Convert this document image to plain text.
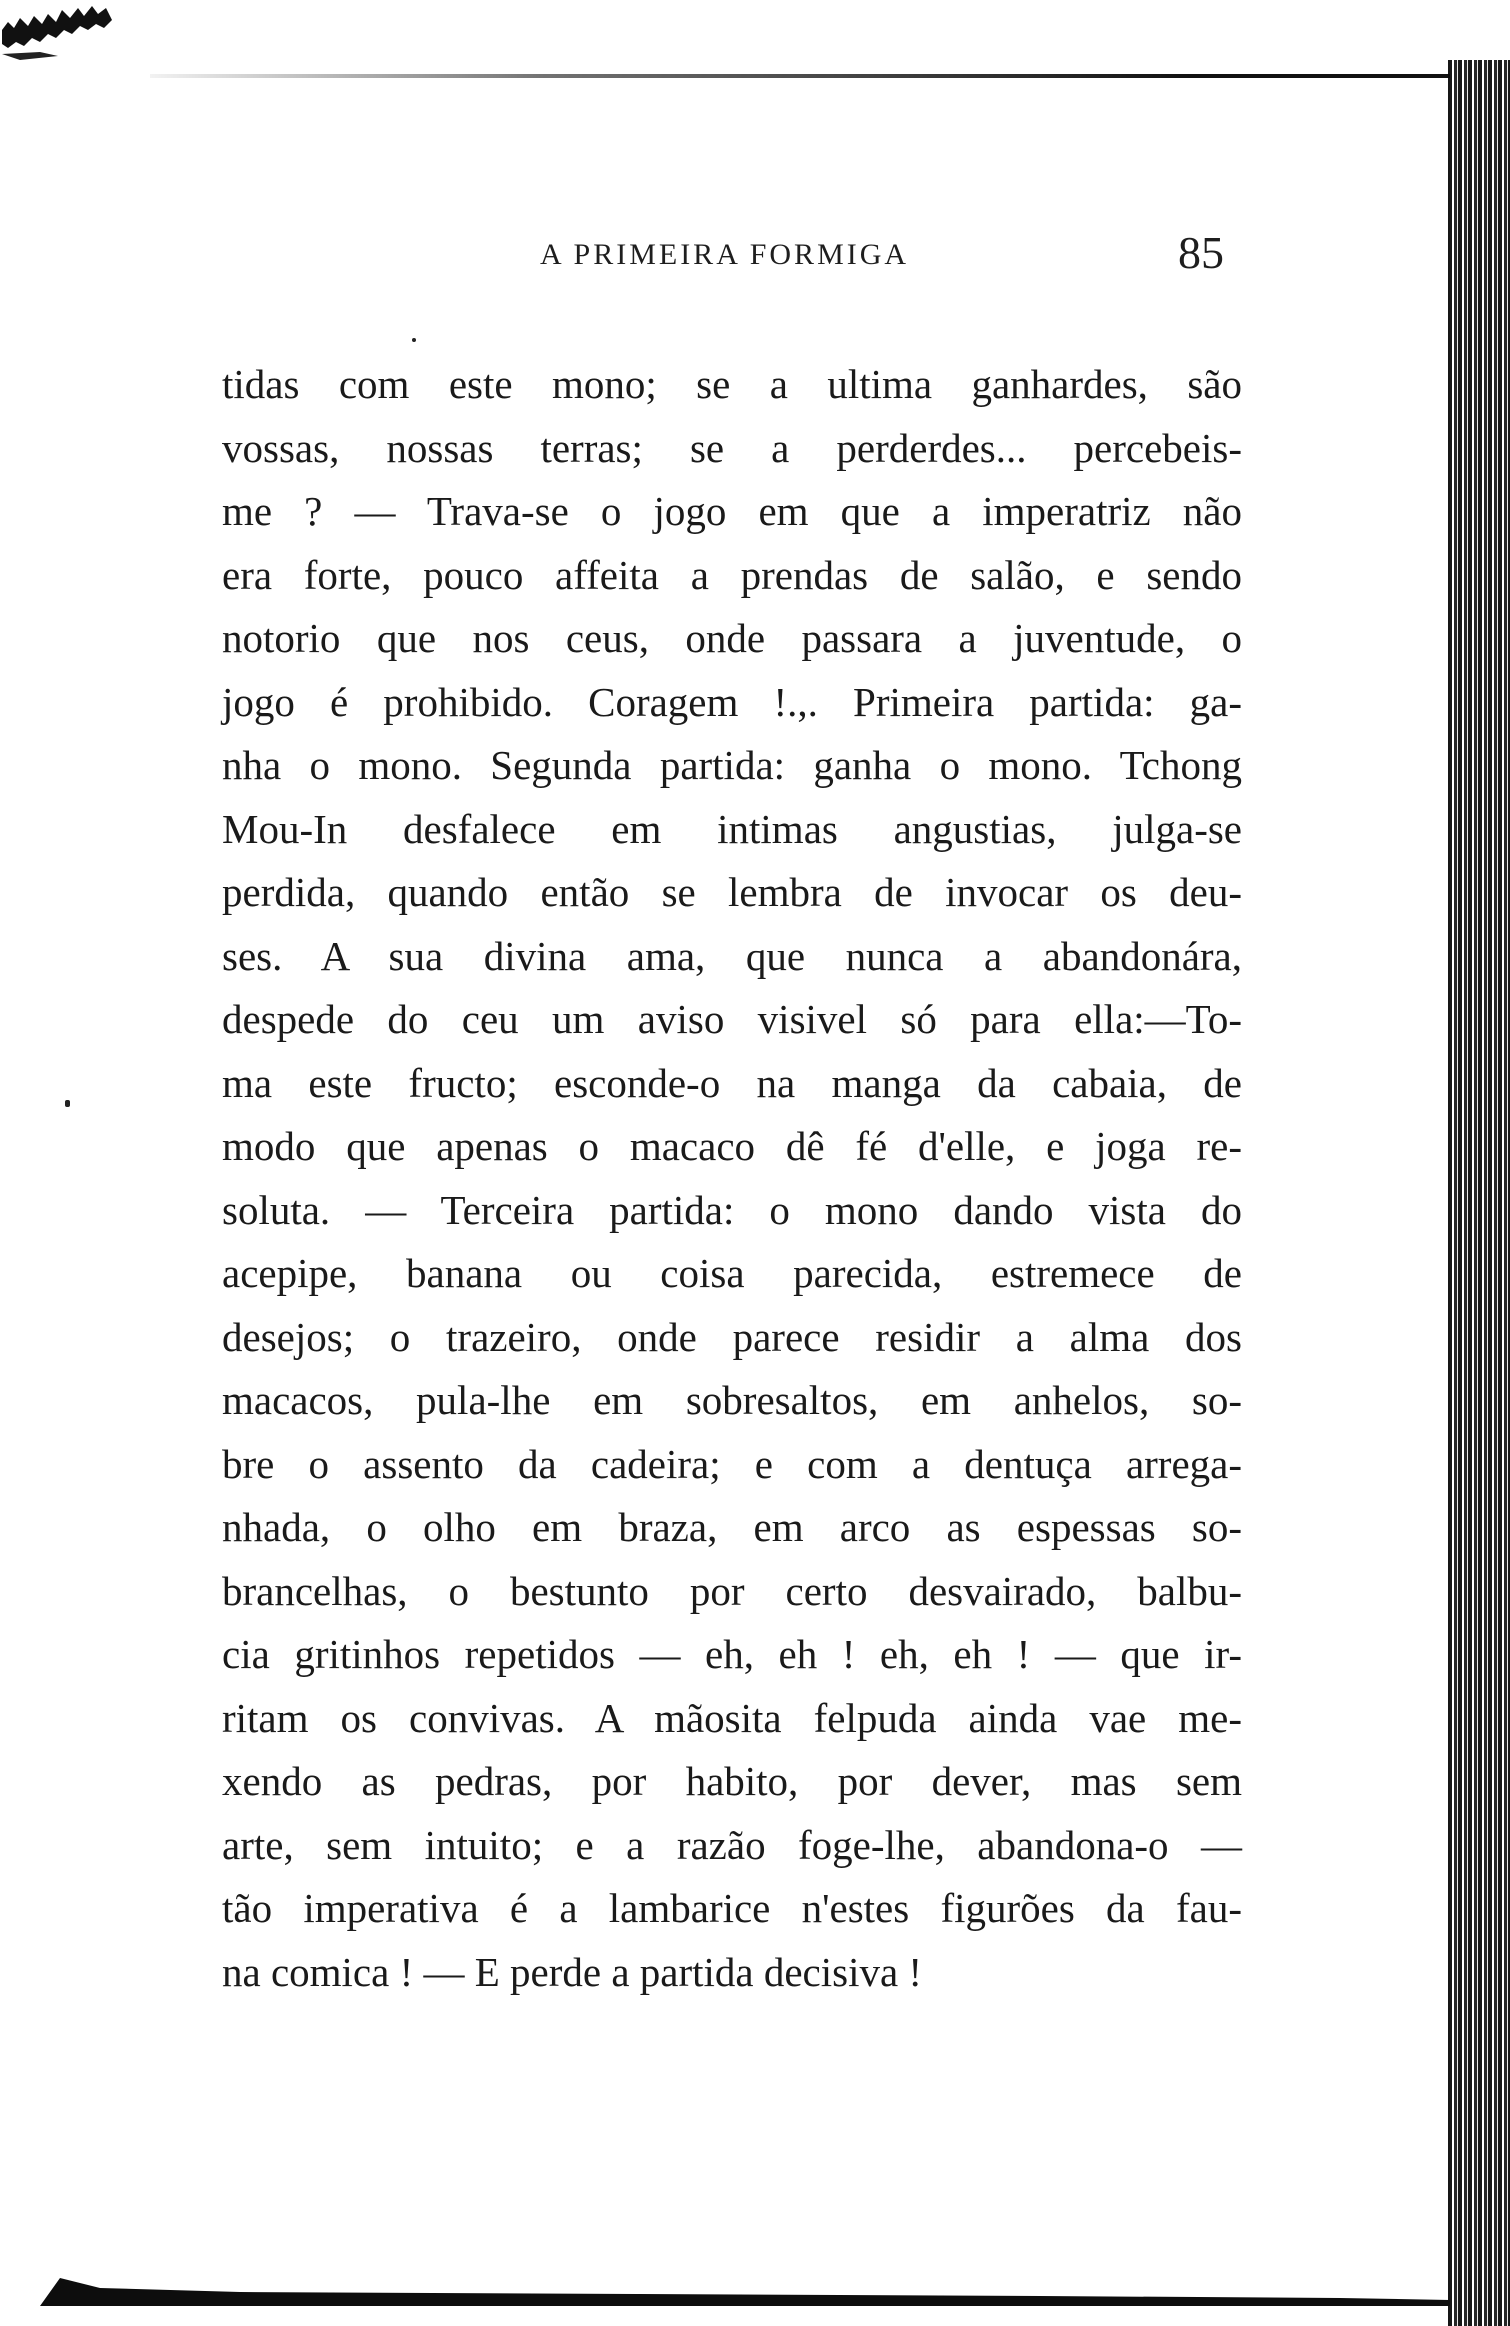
A PRIMEIRA FORMIGA	85
tidas com este mono; se a ultima ganhardes, são
vossas, nossas terras; se a perderdes... percebeis-
me ? — Trava-se o jogo em que a imperatriz não
era forte, pouco affeita a prendas de salão, e sendo
notorio que nos ceus, onde passara a juventude, o
jogo é prohibido. Coragem !.,. Primeira partida: ga-
nha o mono. Segunda partida: ganha o mono. Tchong
Mou-In desfalece em intimas angustias, julga-se
perdida, quando então se lembra de invocar os deu-
ses. A sua divina ama, que nunca a abandonára,
despede do ceu um aviso visivel só para ella:—To-
ma este fructo; esconde-o na manga da cabaia, de
modo que apenas o macaco dê fé d'elle, e joga re-
soluta. — Terceira partida: o mono dando vista do
acepipe, banana ou coisa parecida, estremece de
desejos; o trazeiro, onde parece residir a alma dos
macacos, pula-lhe em sobresaltos, em anhelos, so-
bre o assento da cadeira; e com a dentuça arrega-
nhada, o olho em braza, em arco as espessas so-
brancelhas, o bestunto por certo desvairado, balbu-
cia gritinhos repetidos — eh, eh ! eh, eh ! — que ir-
ritam os convivas. A mãosita felpuda ainda vae me-
xendo as pedras, por habito, por dever, mas sem
arte, sem intuito; e a razão foge-lhe, abandona-o —
tão imperativa é a lambarice n'estes figurões da fau-
na comica ! — E perde a partida decisiva !
